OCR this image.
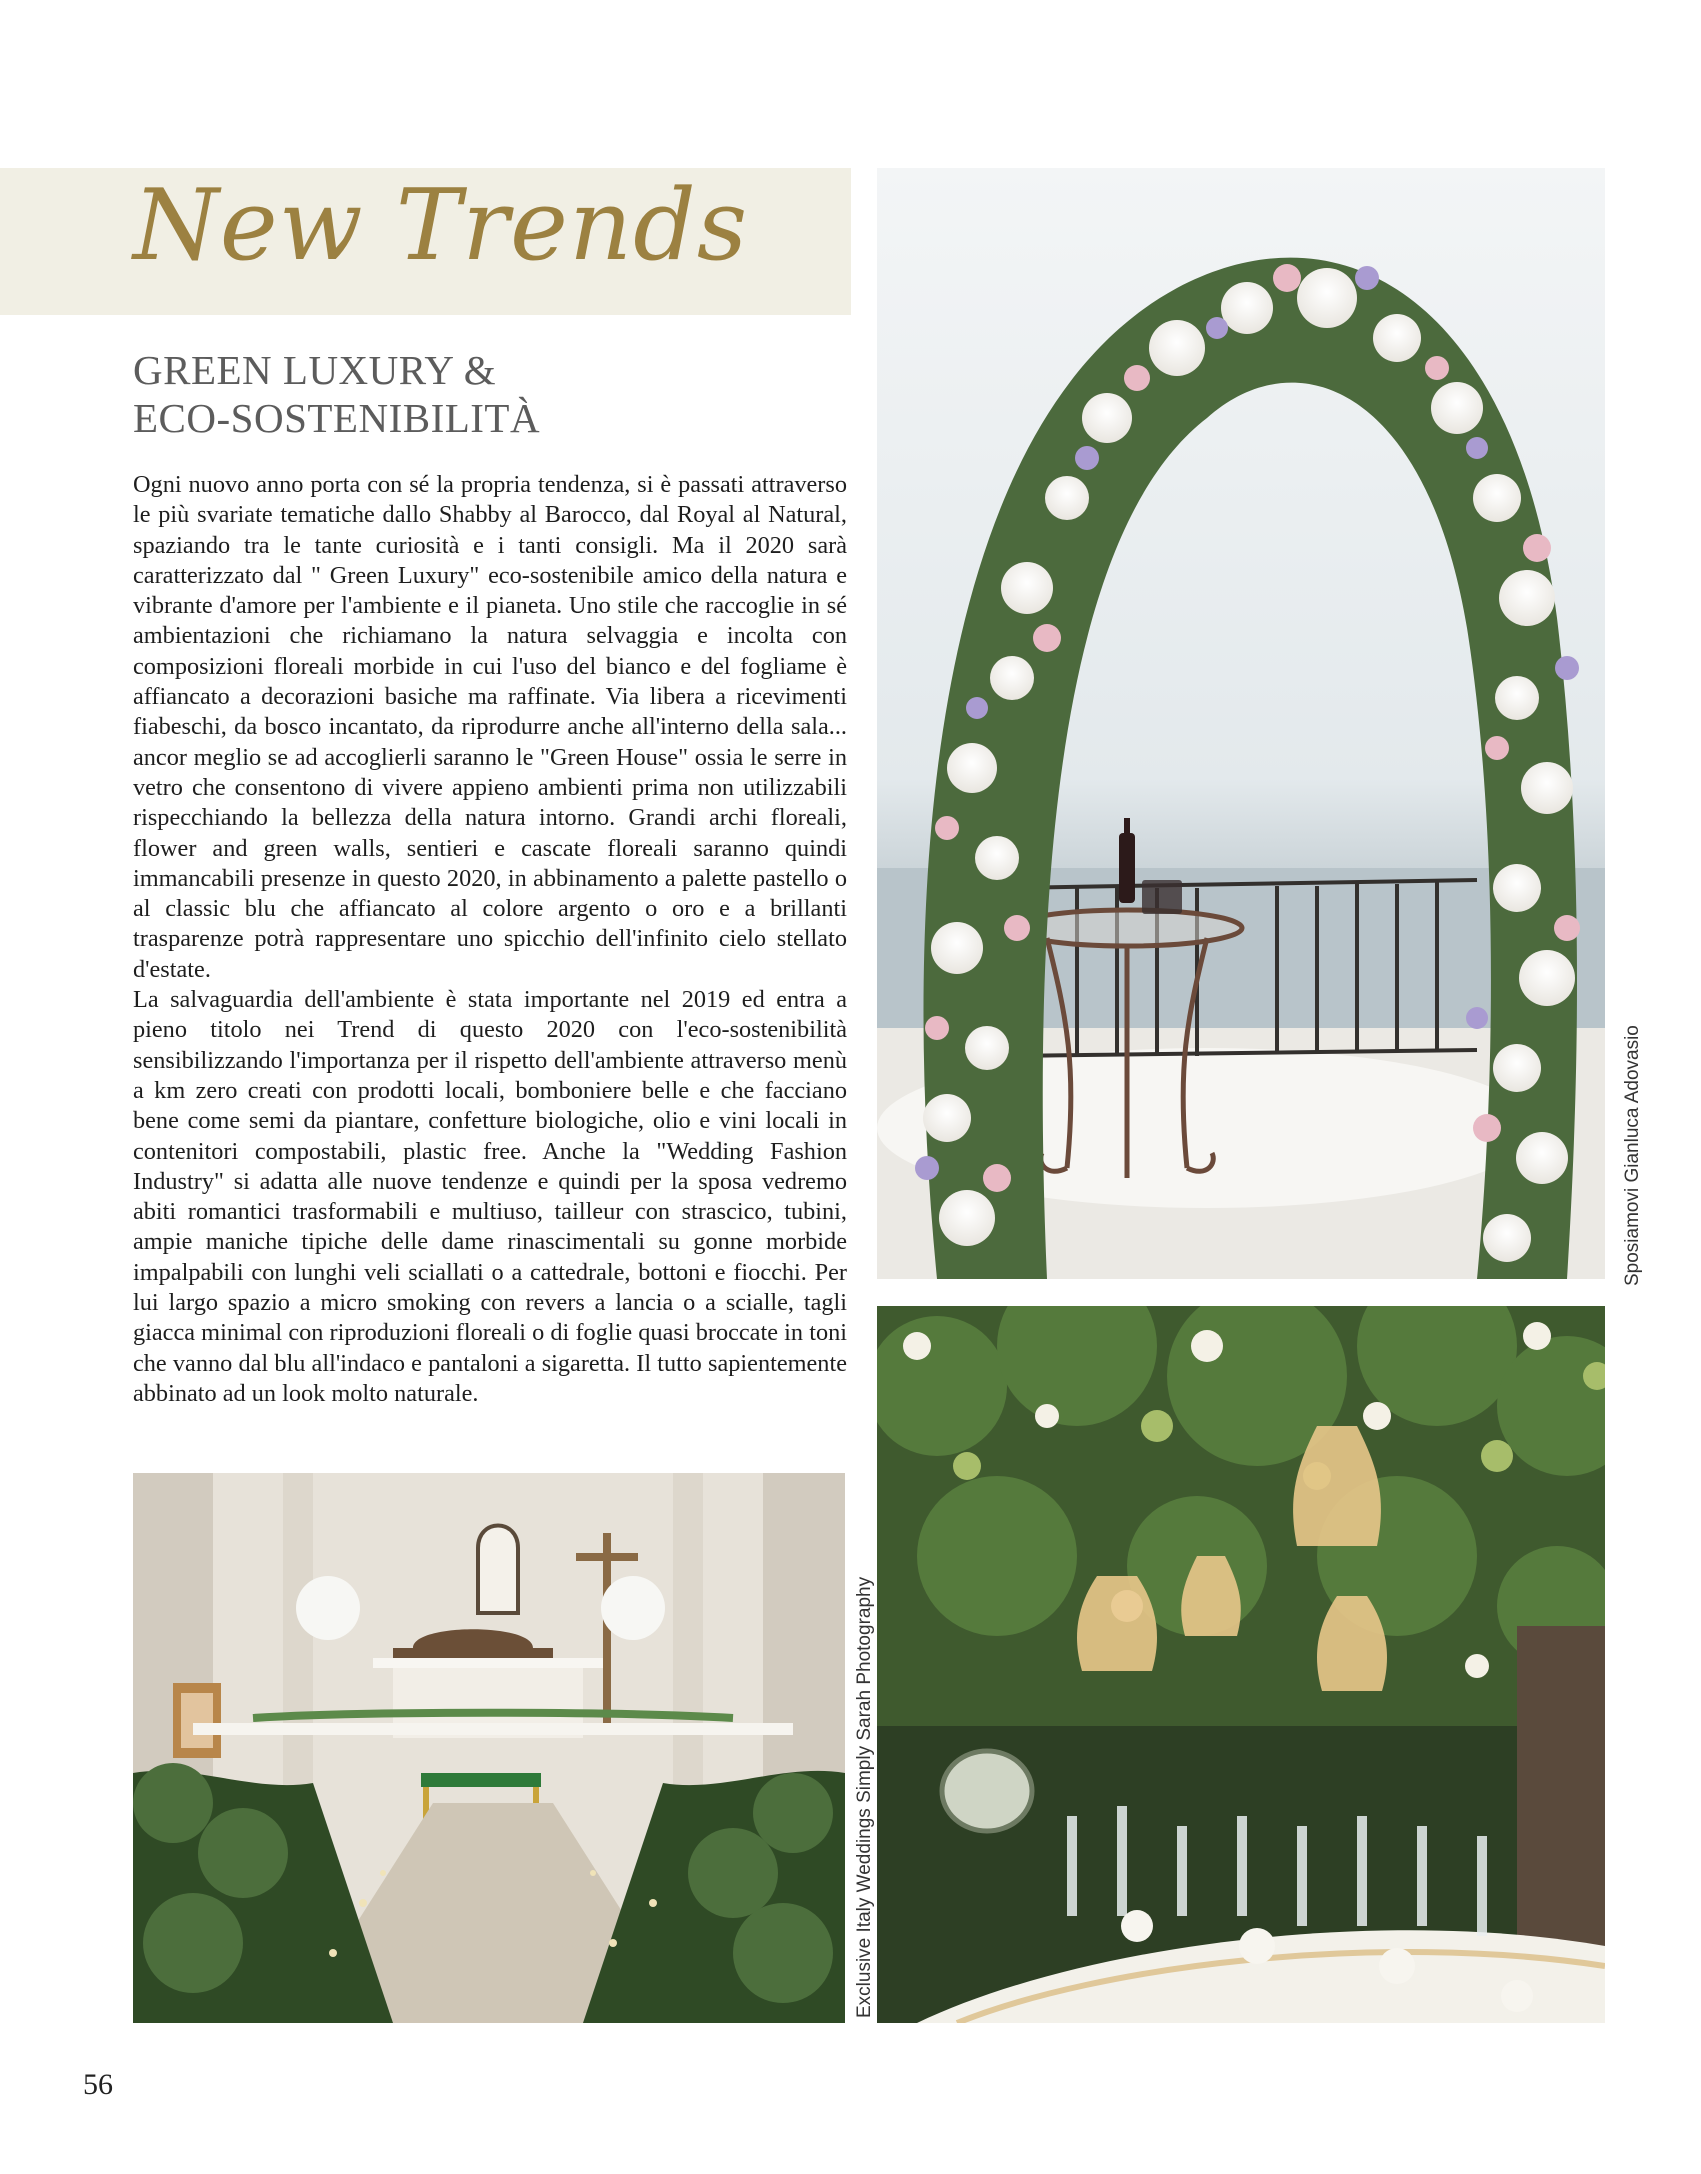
New Trends
GREEN LUXURY &
ECO-SOSTENIBILITÀ

Ogni nuovo anno porta con sé la propria tendenza, si è passati attraverso le più svariate tematiche dallo Shabby al Barocco, dal Royal al Natural, spaziando tra le tante curiosità e i tanti consigli. Ma il 2020 sarà caratterizzato dal " Green Luxury" eco-sostenibile amico della natura e vibrante d'amore per l'ambiente e il pianeta. Uno stile che raccoglie in sé ambientazioni che richiamano la natura selvaggia e incolta con composizioni floreali morbide in cui l'uso del bianco e del fogliame è affiancato a decorazioni basiche ma raffinate. Via libera a ricevimenti fiabeschi, da bosco incantato, da riprodurre anche all'interno della sala... ancor meglio se ad accoglierli saranno le "Green House" ossia le serre in vetro che consentono di vivere appieno ambienti prima non utilizzabili rispecchiando la bellezza della natura intorno. Grandi archi floreali, flower and green walls, sentieri e cascate floreali saranno quindi immancabili presenze in questo 2020, in abbinamento a palette pastello o al classic blu che affiancato al colore argento o oro e a brillanti trasparenze potrà rappresentare uno spicchio dell'infinito cielo stellato d'estate.

La salvaguardia dell'ambiente è stata importante nel 2019 ed entra a pieno titolo nei Trend di questo 2020 con l'eco-sostenibilità sensibilizzando l'importanza per il rispetto dell'ambiente attraverso menù a km zero creati con prodotti locali, bomboniere belle e che facciano bene come semi da piantare, confetture biologiche, olio e vini locali in contenitori compostabili, plastic free. Anche la "Wedding Fashion Industry" si adatta alle nuove tendenze e quindi per la sposa vedremo abiti romantici trasformabili e multiuso, tailleur con strascico, tubini, ampie maniche tipiche delle dame rinascimentali su gonne morbide impalpabili con lunghi veli sciallati o a cattedrale, bottoni e fiocchi. Per lui largo spazio a micro smoking con revers a lancia o a scialle, tagli giacca minimal con riproduzioni floreali o di foglie quasi broccate in toni che vanno dal blu all'indaco e pantaloni a sigaretta. Il tutto sapientemente abbinato ad un look molto naturale.

Sposiamovi Gianluca Adovasio
Exclusive Italy Weddings Simply Sarah Photography
56
